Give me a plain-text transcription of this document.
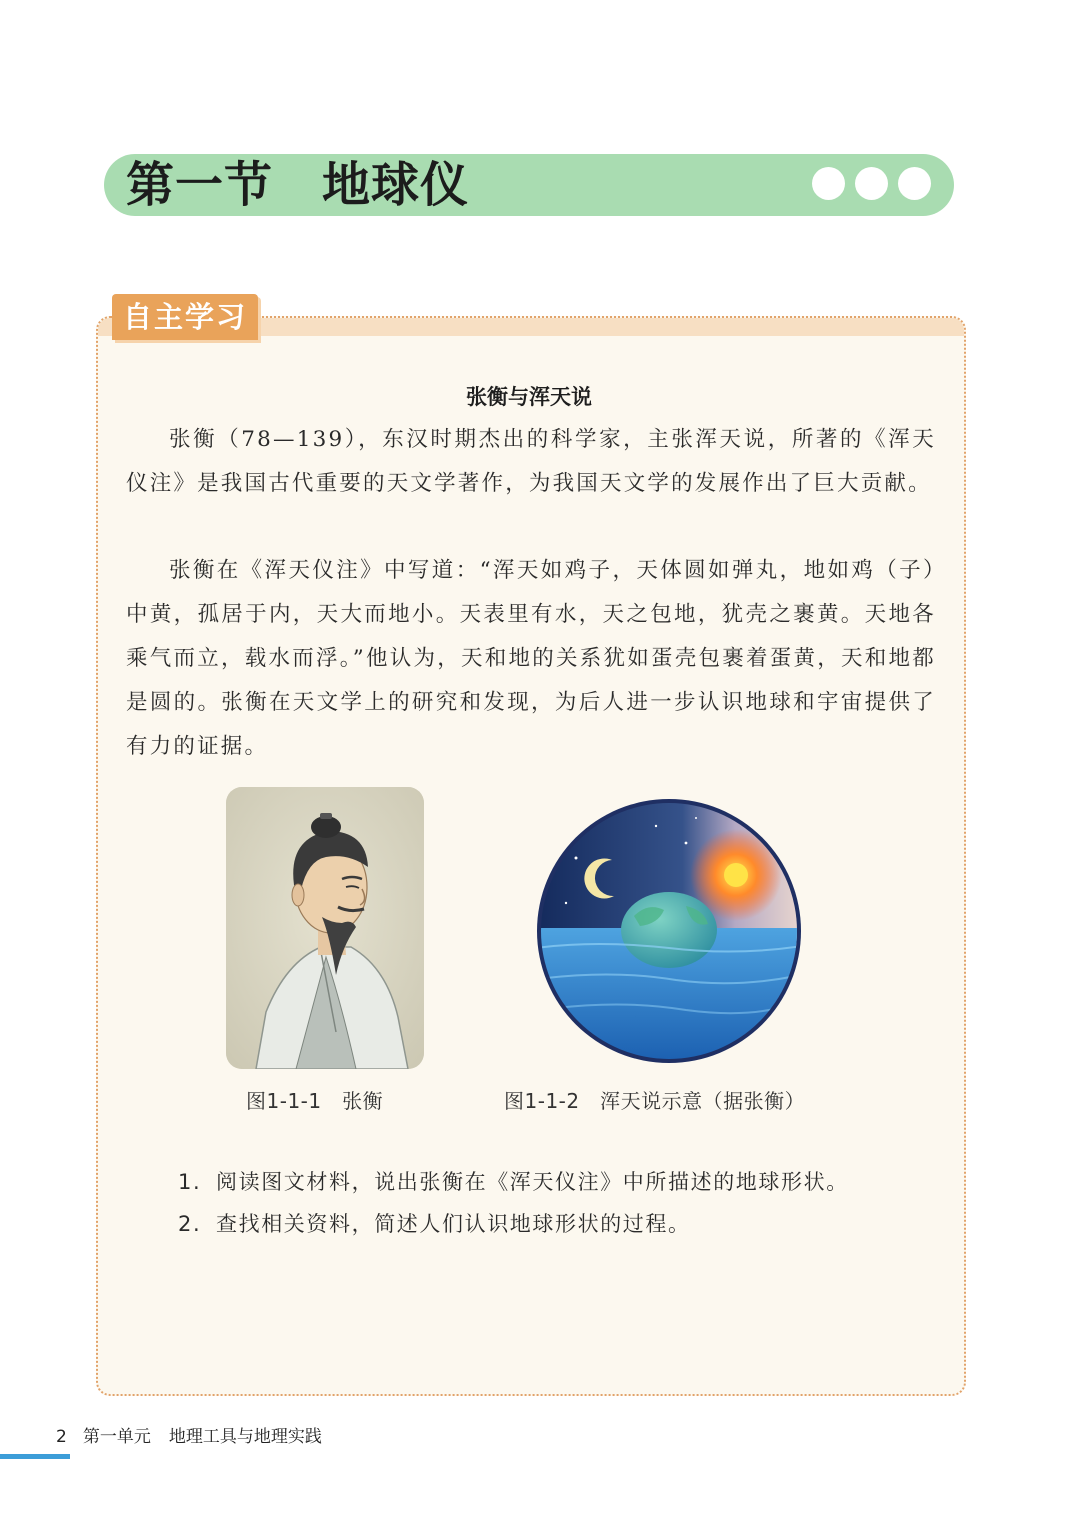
第一节　地球仪
自主学习
张衡与浑天说

张衡（78—139），东汉时期杰出的科学家，主张浑天说，所著的《浑天仪注》是我国古代重要的天文学著作，为我国天文学的发展作出了巨大贡献。

张衡在《浑天仪注》中写道：“浑天如鸡子，天体圆如弹丸，地如鸡（子）中黄，孤居于内，天大而地小。天表里有水，天之包地，犹壳之裹黄。天地各乘气而立，载水而浮。”他认为，天和地的关系犹如蛋壳包裹着蛋黄，天和地都是圆的。张衡在天文学上的研究和发现，为后人进一步认识地球和宇宙提供了有力的证据。

图1-1-1　张衡	图1-1-2　浑天说示意（据张衡）
1. 阅读图文材料，说出张衡在《浑天仪注》中所描述的地球形状。
2. 查找相关资料，简述人们认识地球形状的过程。
2 第一单元 地理工具与地理实践
